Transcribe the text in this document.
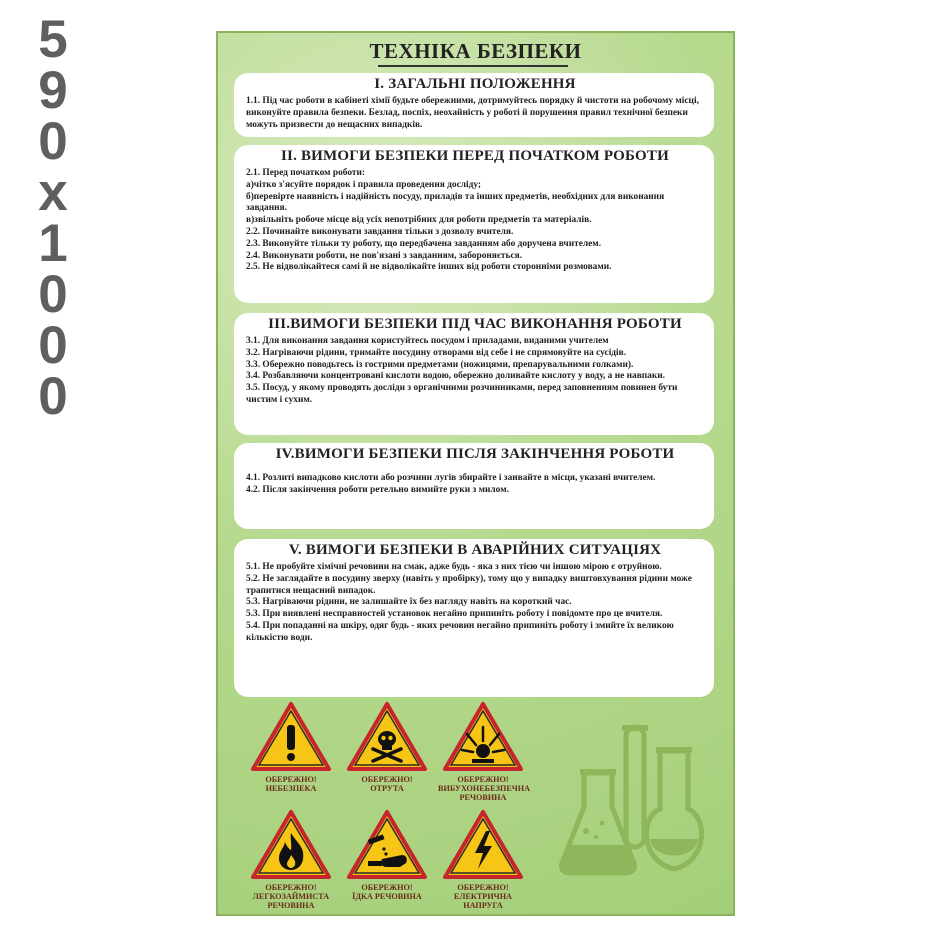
5
9
0
x
1
0
0
0
ТЕХНІКА БЕЗПЕКИ
І. ЗАГАЛЬНІ ПОЛОЖЕННЯ

1.1. Під час роботи в кабінеті хімії будьте обережними, дотримуйтесь порядку й чистоти на робочому місці, виконуйте правила безпеки. Безлад, поспіх, неохайність у роботі й порушення правил технічної безпеки можуть призвести до нещасних випадків.

ІІ. ВИМОГИ БЕЗПЕКИ ПЕРЕД ПОЧАТКОМ РОБОТИ

2.1. Перед початком роботи:

а)чітко з'ясуйте порядок і правила проведення досліду;

б)перевірте наявність і надійність посуду, приладів та інших предметів, необхідних для виконання завдання.

в)звільніть робоче місце від усіх непотрібних для роботи предметів та матеріалів.

2.2. Починайте виконувати завдання тільки з дозволу вчителя.

2.3. Виконуйте тільки ту роботу, що передбачена завданням або доручена вчителем.

2.4. Виконувати роботи, не пов'язані з завданням, забороняється.

2.5. Не відволікайтеся самі й не відволікайте інших від роботи сторонніми розмовами.

ІІІ.ВИМОГИ БЕЗПЕКИ ПІД ЧАС ВИКОНАННЯ РОБОТИ

3.1. Для виконання завдання користуйтесь посудом і приладами, виданими учителем

3.2. Нагріваючи рідини, тримайте посудину отворами від себе і не спрямовуйте на сусідів.

3.3. Обережно поводьтесь із гострими предметами (ножицями, препарувальними голками).

3.4. Розбавляючи концентровані кислоти водою, обережно доливайте кислоту у воду, а не навпаки.

3.5. Посуд, у якому проводять досліди з органічними розчинниками, перед заповненням повинен бути чистим і сухим.

ІV.ВИМОГИ БЕЗПЕКИ ПІСЛЯ ЗАКІНЧЕННЯ РОБОТИ

4.1. Розлиті випадково кислоти або розчини лугів збирайте і занвайте в місця, указані вчителем.

4.2. Після закінчення роботи ретельно вимийте руки з милом.

V. ВИМОГИ БЕЗПЕКИ В АВАРІЙНИХ СИТУАЦІЯХ

5.1. Не пробуйте хімічні речовини на смак, адже будь - яка з них тією чи іншою мірою є отруйною.

5.2. Не заглядайте в посудину зверху (навіть у пробірку), тому що у випадку виштовхування рідини може трапитися нещасний випадок.

5.3. Нагріваючи рідини, не залишайте їх без нагляду навіть на короткий час.

5.3. При виявлені несправностей установок негайно припиніть роботу і повідомте про це вчителя.

5.4. При попаданні на шкіру, одяг будь - яких речовин негайно припиніть роботу і змийте їх великою кількістю води.

ОБЕРЕЖНО!
НЕБЕЗПЕКА
ОБЕРЕЖНО!
ОТРУТА
ОБЕРЕЖНО!
ВИБУХОНЕБЕЗПЕЧНА
РЕЧОВИНА
ОБЕРЕЖНО!
ЛЕГКОЗАЙМИСТА
РЕЧОВИНА
ОБЕРЕЖНО!
ЇДКА РЕЧОВИНА
ОБЕРЕЖНО!
ЕЛЕКТРИЧНА
НАПРУГА
